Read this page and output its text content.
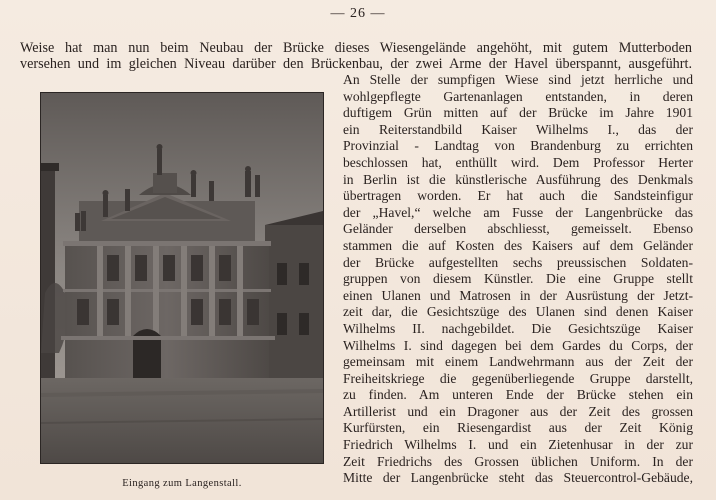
— 26 —
Weise hat man nun beim Neubau der Brücke dieses Wiesengelände angehöht, mit gutem Mutterboden
versehen und im gleichen Niveau darüber den Brückenbau, der zwei Arme der Havel überspannt, ausgeführt.
Eingang zum Langenstall.
An Stelle der sumpfigen Wiese sind jetzt herrliche und
wohlgepflegte Gartenanlagen entstanden, in deren
duftigem Grün mitten auf der Brücke im Jahre 1901
ein Reiterstandbild Kaiser Wilhelms I., das der
Provinzial - Landtag von Brandenburg zu errichten
beschlossen hat, enthüllt wird. Dem Professor Herter
in Berlin ist die künstlerische Ausführung des Denkmals
übertragen worden. Er hat auch die Sandsteinfigur
der „Havel,“ welche am Fusse der Langenbrücke das
Geländer derselben abschliesst, gemeisselt. Ebenso
stammen die auf Kosten des Kaisers auf dem Geländer
der Brücke aufgestellten sechs preussischen Soldaten-
gruppen von diesem Künstler. Die eine Gruppe stellt
einen Ulanen und Matrosen in der Ausrüstung der Jetzt-
zeit dar, die Gesichtszüge des Ulanen sind denen Kaiser
Wilhelms II. nachgebildet. Die Gesichtszüge Kaiser
Wilhelms I. sind dagegen bei dem Gardes du Corps, der
gemeinsam mit einem Landwehrmann aus der Zeit der
Freiheitskriege die gegenüberliegende Gruppe darstellt,
zu finden. Am unteren Ende der Brücke stehen ein
Artillerist und ein Dragoner aus der Zeit des grossen
Kurfürsten, ein Riesengardist aus der Zeit König
Friedrich Wilhelms I. und ein Zietenhusar in der zur
Zeit Friedrichs des Grossen üblichen Uniform. In der
Mitte der Langenbrücke steht das Steuercontrol-Gebäude,
